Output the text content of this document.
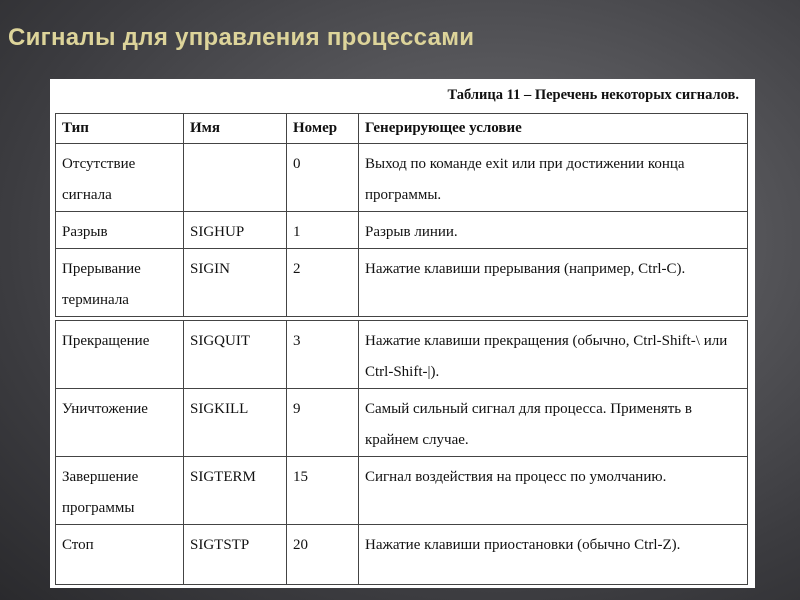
Сигналы для управления процессами
Таблица 11 – Перечень некоторых сигналов.
Тип	Имя	Номер	Генерирующее условие
Отсутствие сигнала		0	Выход по команде exit или при достижении конца программы.
Разрыв	SIGHUP	1	Разрыв линии.
Прерывание терминала	SIGIN	2	Нажатие клавиши прерывания (например, Ctrl-C).
Прекращение	SIGQUIT	3	Нажатие клавиши прекращения (обычно, Ctrl-Shift-\ или Ctrl-Shift-|).
Уничтожение	SIGKILL	9	Самый сильный сигнал для процесса. Применять в крайнем случае.
Завершение программы	SIGTERM	15	Сигнал воздействия на процесс по умолчанию.
Стоп	SIGTSTP	20	Нажатие клавиши приостановки (обычно Ctrl-Z).
